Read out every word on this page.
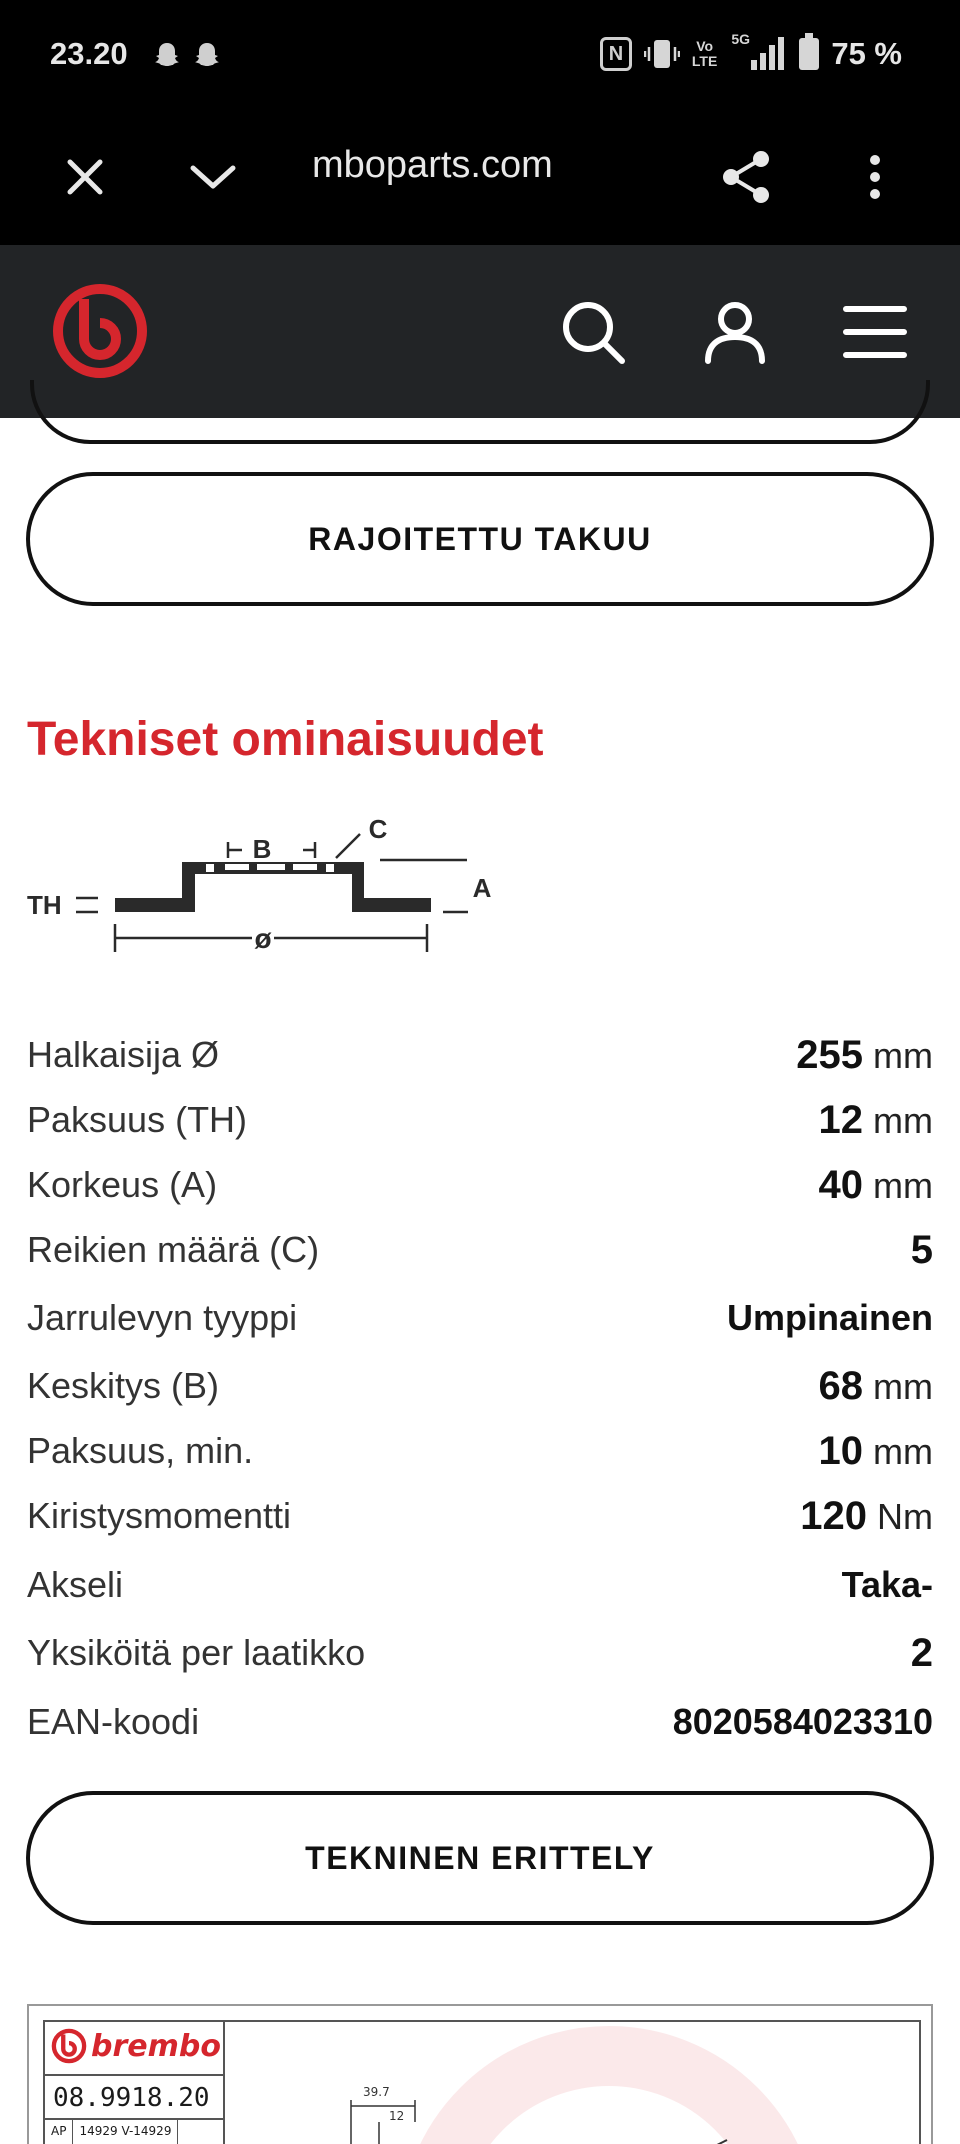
23.20	N	Vo
LTE
5G	75 %
mboparts.com
RAJOITETTU TAKUU
Tekniset ominaisuudet
B
C
TH
A
ø
Halkaisija Ø	255 mm
Paksuus (TH)	12 mm
Korkeus (A)	40 mm
Reikien määrä (C)	5
Jarrulevyn tyyppi	Umpinainen
Keskitys (B)	68 mm
Paksuus, min.	10 mm
Kiristysmomentti	120 Nm
Akseli	Taka-
Yksiköitä per laatikko	2
EAN-koodi	8020584023310
TEKNINEN ERITTELY
brembo
08.9918.20
AP	14929 V-14929
39.7
12
